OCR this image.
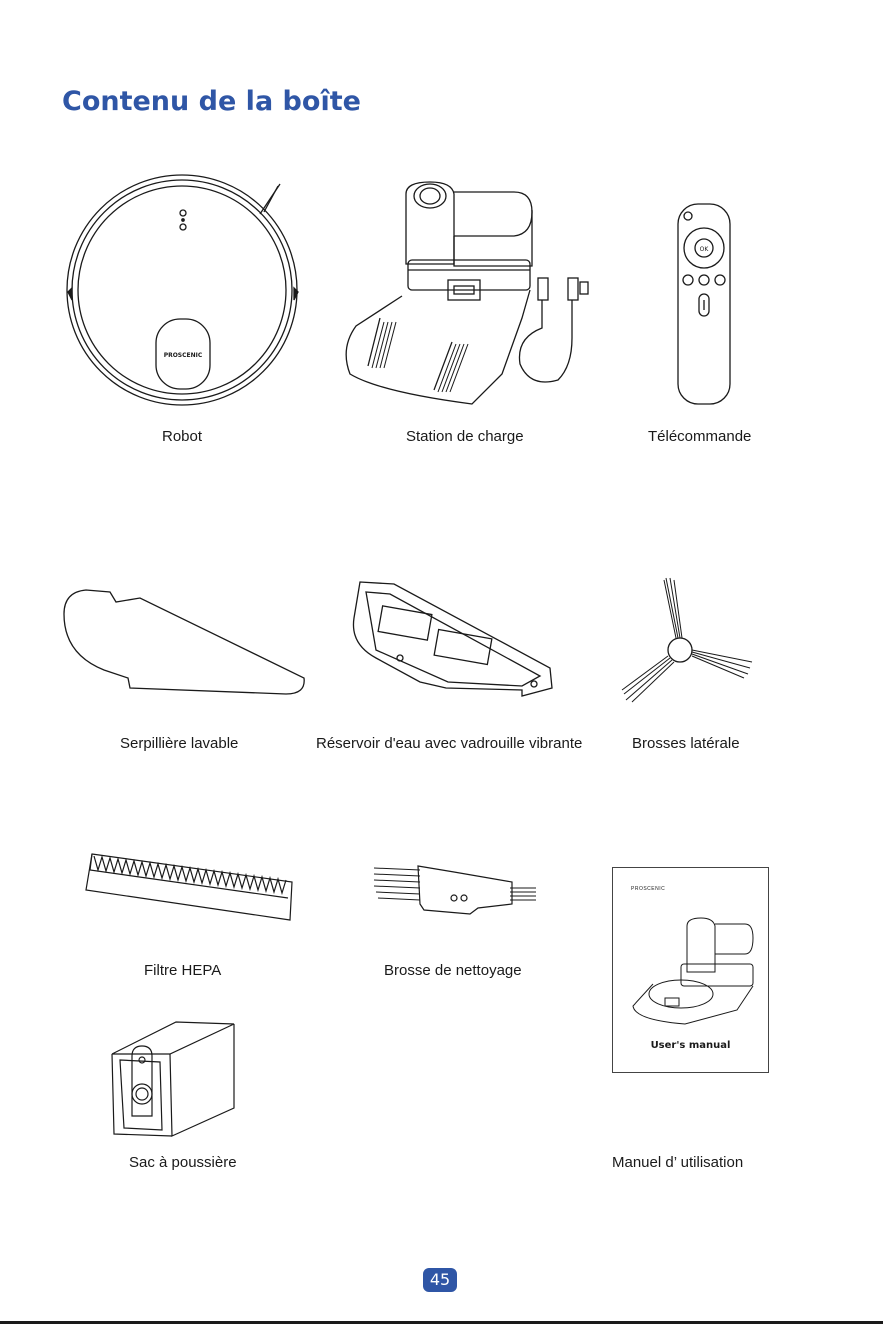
Contenu de la boîte
PROSCENIC
Robot	Station de charge
OK
Télécommande
Serpillière lavable	Réservoir d'eau avec vadrouille vibrante	Brosses latérale
Filtre HEPA	Brosse de nettoyage
PROSCENIC
User's manual
Sac à poussière	Manuel d’ utilisation
45
